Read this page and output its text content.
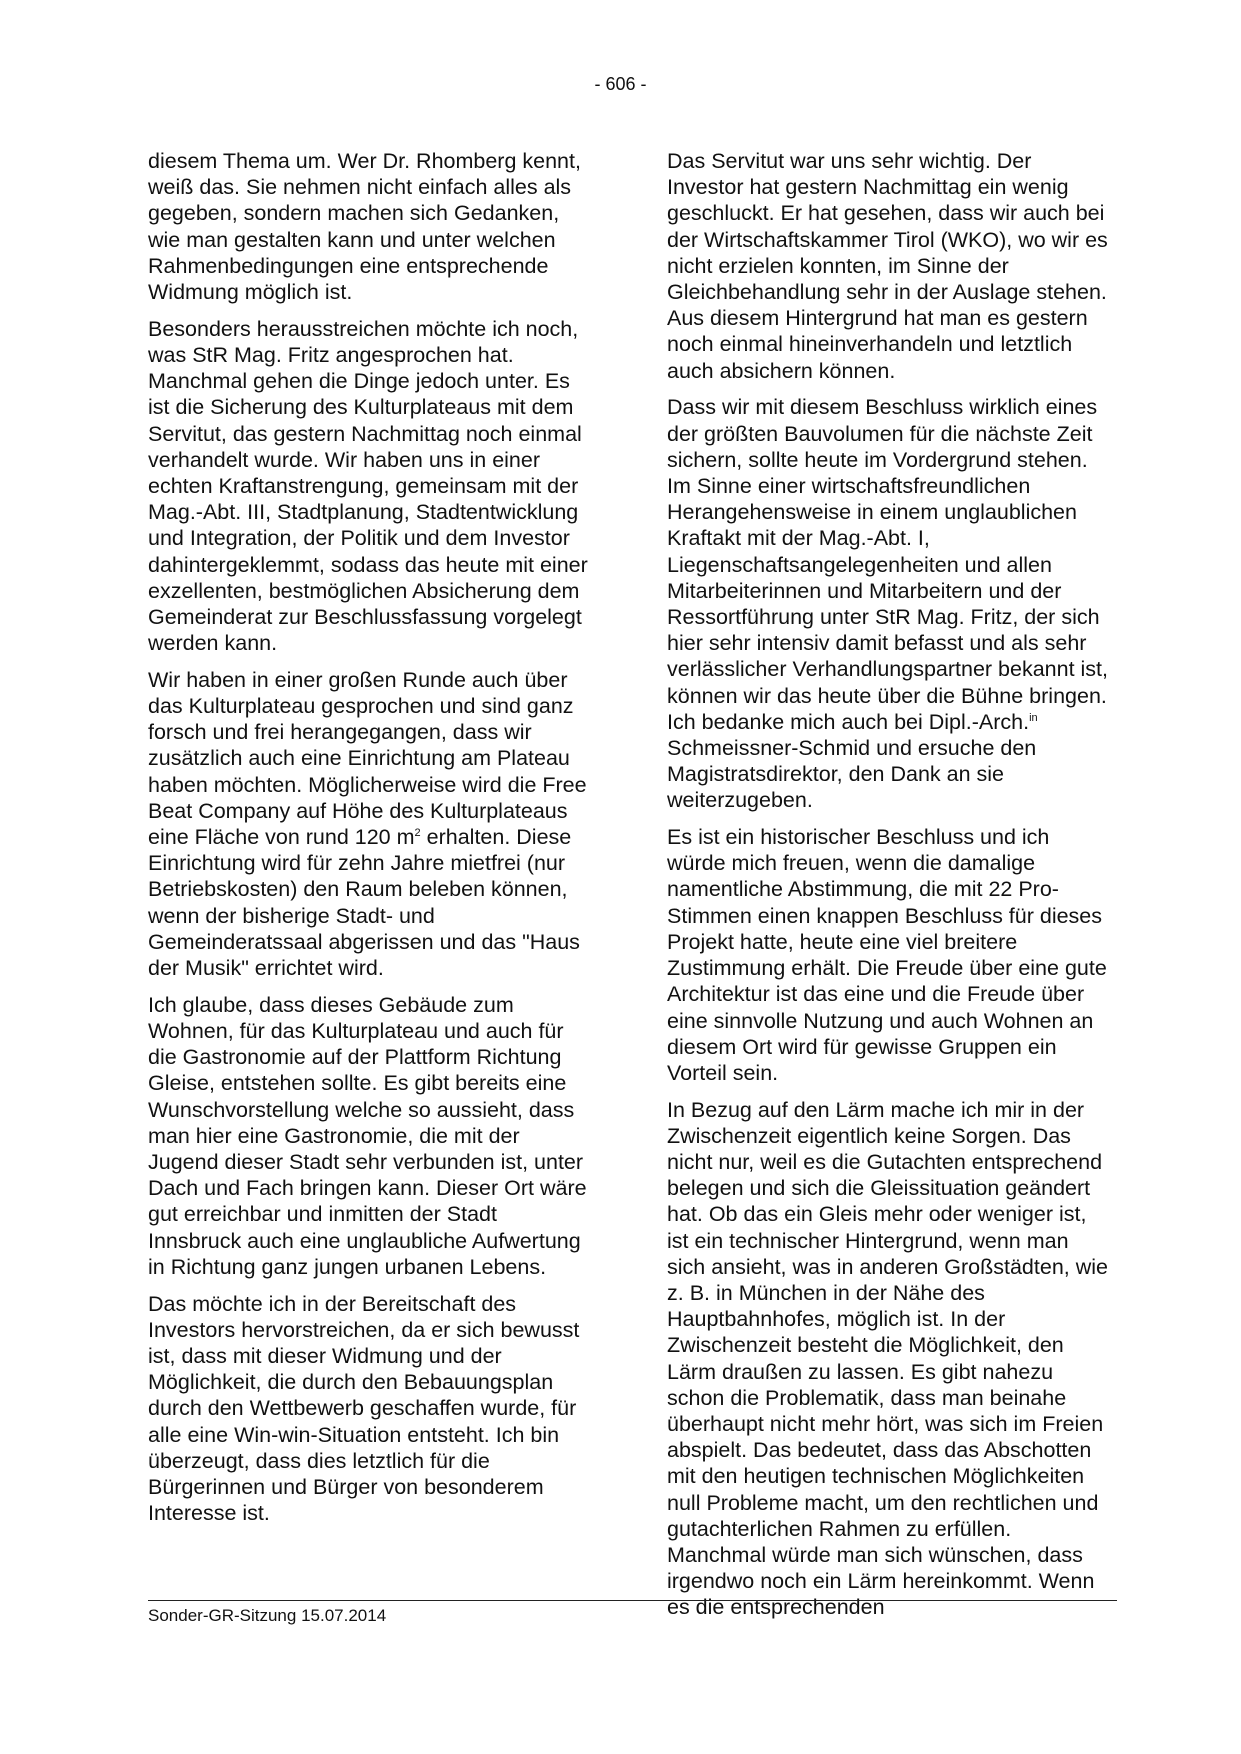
- 606 -

diesem Thema um. Wer Dr. Rhomberg kennt, weiß das. Sie nehmen nicht einfach alles als gegeben, sondern machen sich Gedanken, wie man gestalten kann und unter welchen Rahmenbedingungen eine entsprechende Widmung möglich ist.

Besonders herausstreichen möchte ich noch, was StR Mag. Fritz angesprochen hat. Manchmal gehen die Dinge jedoch unter. Es ist die Sicherung des Kulturplateaus mit dem Servitut, das gestern Nachmittag noch einmal verhandelt wurde. Wir haben uns in einer echten Kraftanstrengung, gemeinsam mit der Mag.-Abt. III, Stadtplanung, Stadtentwicklung und Integration, der Politik und dem Investor dahintergeklemmt, sodass das heute mit einer exzellenten, bestmöglichen Absicherung dem Gemeinderat zur Beschlussfassung vorgelegt werden kann.

Wir haben in einer großen Runde auch über das Kulturplateau gesprochen und sind ganz forsch und frei herangegangen, dass wir zusätzlich auch eine Einrichtung am Plateau haben möchten. Möglicherweise wird die Free Beat Company auf Höhe des Kulturplateaus eine Fläche von rund 120 $m^2$ erhalten. Diese Einrichtung wird für zehn Jahre mietfrei (nur Betriebskosten) den Raum beleben können, wenn der bisherige Stadt- und Gemeinderatssaal abgerissen und das "Haus der Musik" errichtet wird.

Ich glaube, dass dieses Gebäude zum Wohnen, für das Kulturplateau und auch für die Gastronomie auf der Plattform Richtung Gleise, entstehen sollte. Es gibt bereits eine Wunschvorstellung welche so aussieht, dass man hier eine Gastronomie, die mit der Jugend dieser Stadt sehr verbunden ist, unter Dach und Fach bringen kann. Dieser Ort wäre gut erreichbar und inmitten der Stadt Innsbruck auch eine unglaubliche Aufwertung in Richtung ganz jungen urbanen Lebens.

Das möchte ich in der Bereitschaft des Investors hervorstreichen, da er sich bewusst ist, dass mit dieser Widmung und der Möglichkeit, die durch den Bebauungsplan durch den Wettbewerb geschaffen wurde, für alle eine Win-win-Situation entsteht. Ich bin überzeugt, dass dies letztlich für die Bürgerinnen und Bürger von besonderem Interesse ist.

Das Servitut war uns sehr wichtig. Der Investor hat gestern Nachmittag ein wenig geschluckt. Er hat gesehen, dass wir auch bei der Wirtschaftskammer Tirol (WKO), wo wir es nicht erzielen konnten, im Sinne der Gleichbehandlung sehr in der Auslage stehen. Aus diesem Hintergrund hat man es gestern noch einmal hineinverhandeln und letztlich auch absichern können.

Dass wir mit diesem Beschluss wirklich eines der größten Bauvolumen für die nächste Zeit sichern, sollte heute im Vordergrund stehen. Im Sinne einer wirtschaftsfreundlichen Herangehensweise in einem unglaublichen Kraftakt mit der Mag.-Abt. I, Liegenschaftsangelegenheiten und allen Mitarbeiterinnen und Mitarbeitern und der Ressortführung unter StR Mag. Fritz, der sich hier sehr intensiv damit befasst und als sehr verlässlicher Verhandlungspartner bekannt ist, können wir das heute über die Bühne bringen. Ich bedanke mich auch bei Dipl.-Arch.$^{in}$ Schmeissner-Schmid und ersuche den Magistratsdirektor, den Dank an sie weiterzugeben.

Es ist ein historischer Beschluss und ich würde mich freuen, wenn die damalige namentliche Abstimmung, die mit 22 Pro-Stimmen einen knappen Beschluss für dieses Projekt hatte, heute eine viel breitere Zustimmung erhält. Die Freude über eine gute Architektur ist das eine und die Freude über eine sinnvolle Nutzung und auch Wohnen an diesem Ort wird für gewisse Gruppen ein Vorteil sein.

In Bezug auf den Lärm mache ich mir in der Zwischenzeit eigentlich keine Sorgen. Das nicht nur, weil es die Gutachten entsprechend belegen und sich die Gleissituation geändert hat. Ob das ein Gleis mehr oder weniger ist, ist ein technischer Hintergrund, wenn man sich ansieht, was in anderen Großstädten, wie z. B. in München in der Nähe des Hauptbahnhofes, möglich ist. In der Zwischenzeit besteht die Möglichkeit, den Lärm draußen zu lassen. Es gibt nahezu schon die Problematik, dass man beinahe überhaupt nicht mehr hört, was sich im Freien abspielt. Das bedeutet, dass das Abschotten mit den heutigen technischen Möglichkeiten null Probleme macht, um den rechtlichen und gutachterlichen Rahmen zu erfüllen. Manchmal würde man sich wünschen, dass irgendwo noch ein Lärm hereinkommt. Wenn es die entsprechenden

Sonder-GR-Sitzung 15.07.2014
